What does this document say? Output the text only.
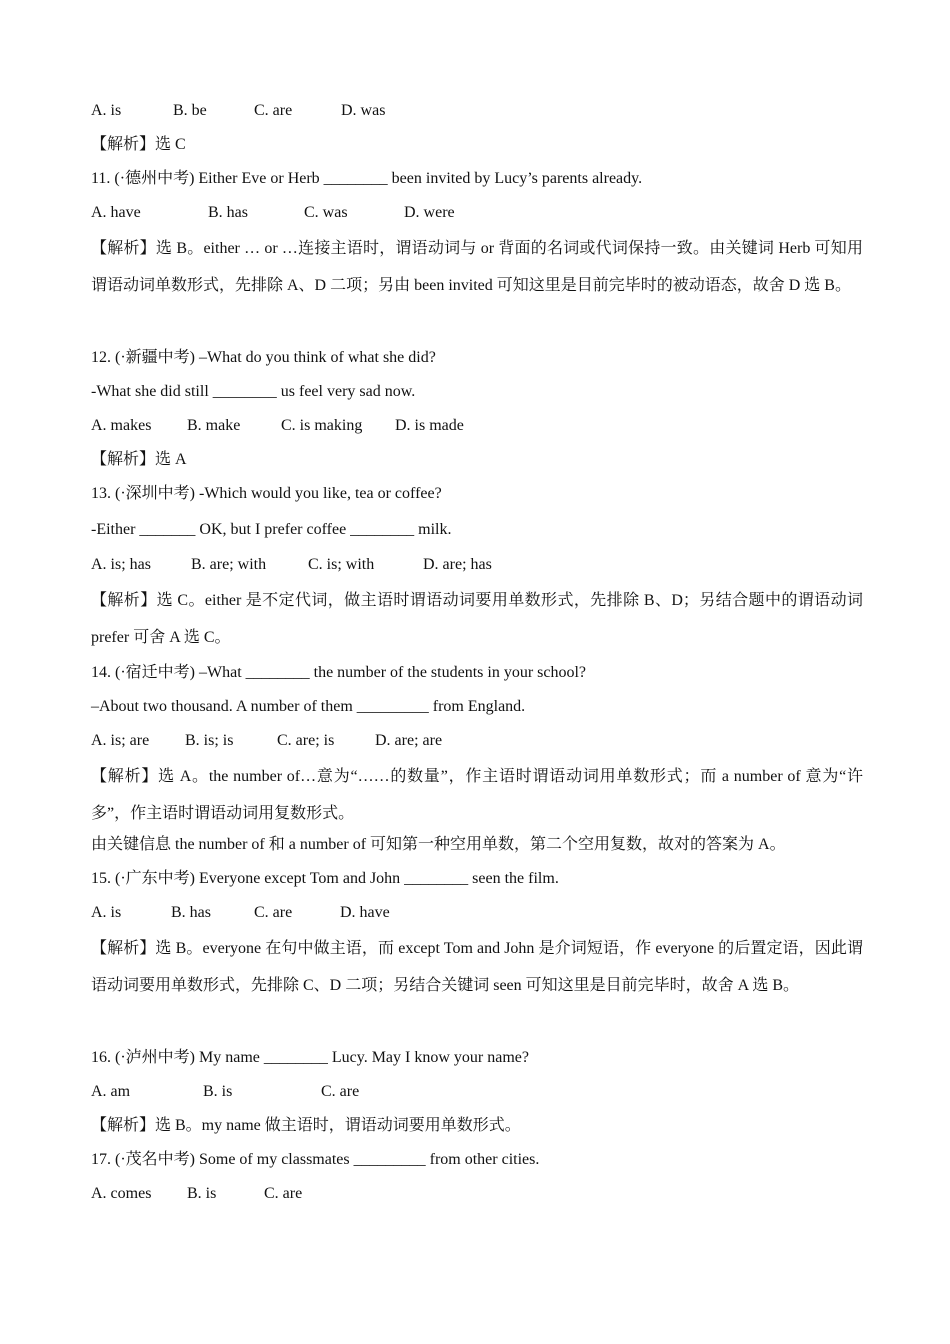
A. is	B. be	C. are	D. was
【解析】选 C
11. (·德州中考) Either Eve or Herb ________ been invited by Lucy’s parents already.
A. have	B. has	C. was	D. were
【解析】选 B。either … or …连接主语时，谓语动词与 or 背面的名词或代词保持一致。由关键词 Herb 可知用谓语动词单数形式，先排除 A、D 二项；另由 been invited 可知这里是目前完毕时的被动语态，故舍 D 选 B。
12. (·新疆中考) –What do you think of what she did?
-What she did still ________ us feel very sad now.
A. makes B. make	C. is making D. is made
【解析】选 A
13. (·深圳中考) -Which would you like, tea or coffee?
-Either _______ OK, but I prefer coffee ________ milk.
A. is; has	B. are; with	C. is; with	D. are; has
【解析】选 C。either 是不定代词，做主语时谓语动词要用单数形式，先排除 B、D；另结合题中的谓语动词 prefer 可舍 A 选 C。
14. (·宿迁中考) –What ________ the number of the students in your school?
–About two thousand. A number of them _________ from England.
A. is; are B. is; is	C. are; is	D. are; are
【解析】选 A。the number of…意为“……的数量”，作主语时谓语动词用单数形式；而 a number of 意为“许多”，作主语时谓语动词用复数形式。
由关键信息 the number of 和 a number of 可知第一种空用单数，第二个空用复数，故对的答案为 A。
15. (·广东中考) Everyone except Tom and John ________ seen the film.
A. is	B. has	C. are	D. have
【解析】选 B。everyone 在句中做主语，而 except Tom and John 是介词短语，作 everyone 的后置定语，因此谓语动词要用单数形式，先排除 C、D 二项；另结合关键词 seen 可知这里是目前完毕时，故舍 A 选 B。
16. (·泸州中考) My name ________ Lucy. May I know your name?
A. am	B. is	C. are
【解析】选 B。my name 做主语时，谓语动词要用单数形式。
17. (·茂名中考) Some of my classmates _________ from other cities.
A. comes B. is	C. are
